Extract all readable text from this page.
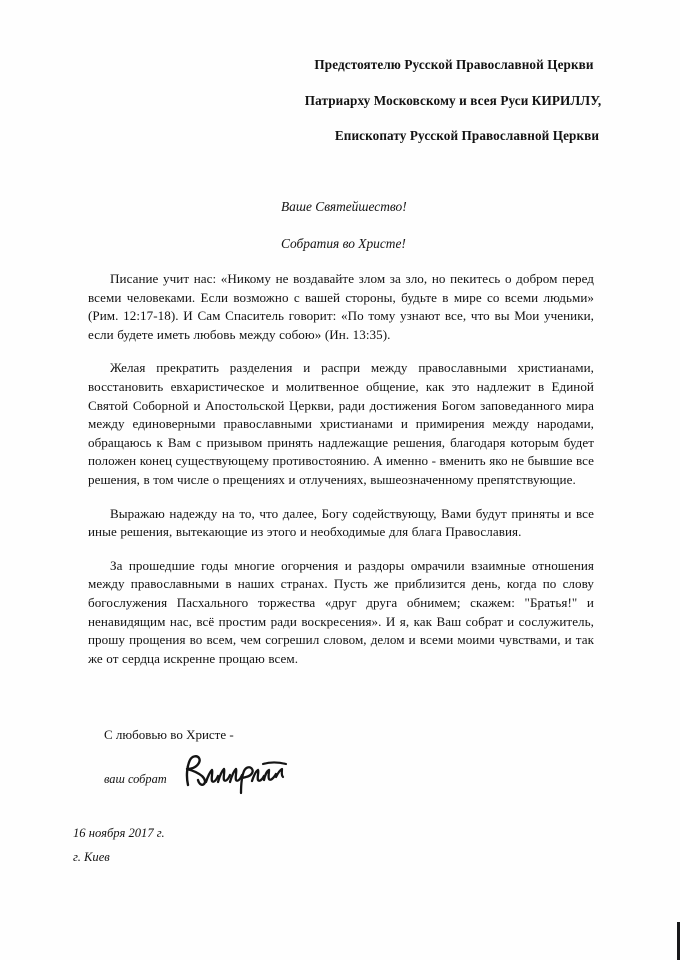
Предстоятелю Русской Православной Церкви
Патриарху Московскому и всея Руси КИРИЛЛУ,
Епископату Русской Православной Церкви
Ваше Святейшество!
Собратия во Христе!

Писание учит нас: «Никому не воздавайте злом за зло, но пекитесь о добром перед всеми человеками. Если возможно с вашей стороны, будьте в мире со всеми людьми» (Рим. 12:17-18). И Сам Спаситель говорит: «По тому узнают все, что вы Мои ученики, если будете иметь любовь между собою» (Ин. 13:35).

Желая прекратить разделения и распри между православными христианами, восстановить евхаристическое и молитвенное общение, как это надлежит в Единой Святой Соборной и Апостольской Церкви, ради достижения Богом заповеданного мира между единоверными православными христианами и примирения между народами, обращаюсь к Вам с призывом принять надлежащие решения, благодаря которым будет положен конец существующему противостоянию. А именно - вменить яко не бывшие все решения, в том числе о прещениях и отлучениях, вышеозначенному препятствующие.

Выражаю надежду на то, что далее, Богу содействующу, Вами будут приняты и все иные решения, вытекающие из этого и необходимые для блага Православия.

За прошедшие годы многие огорчения и раздоры омрачили взаимные отношения между православными в наших странах. Пусть же приблизится день, когда по слову богослужения Пасхального торжества «друг друга обнимем; скажем: "Братья!" и ненавидящим нас, всё простим ради воскресения». И я, как Ваш собрат и сослужитель, прошу прощения во всем, чем согрешил словом, делом и всеми моими чувствами, и так же от сердца искренне прощаю всем.

С любовью во Христе -
ваш собрат
16 ноября 2017 г.
г. Киев
